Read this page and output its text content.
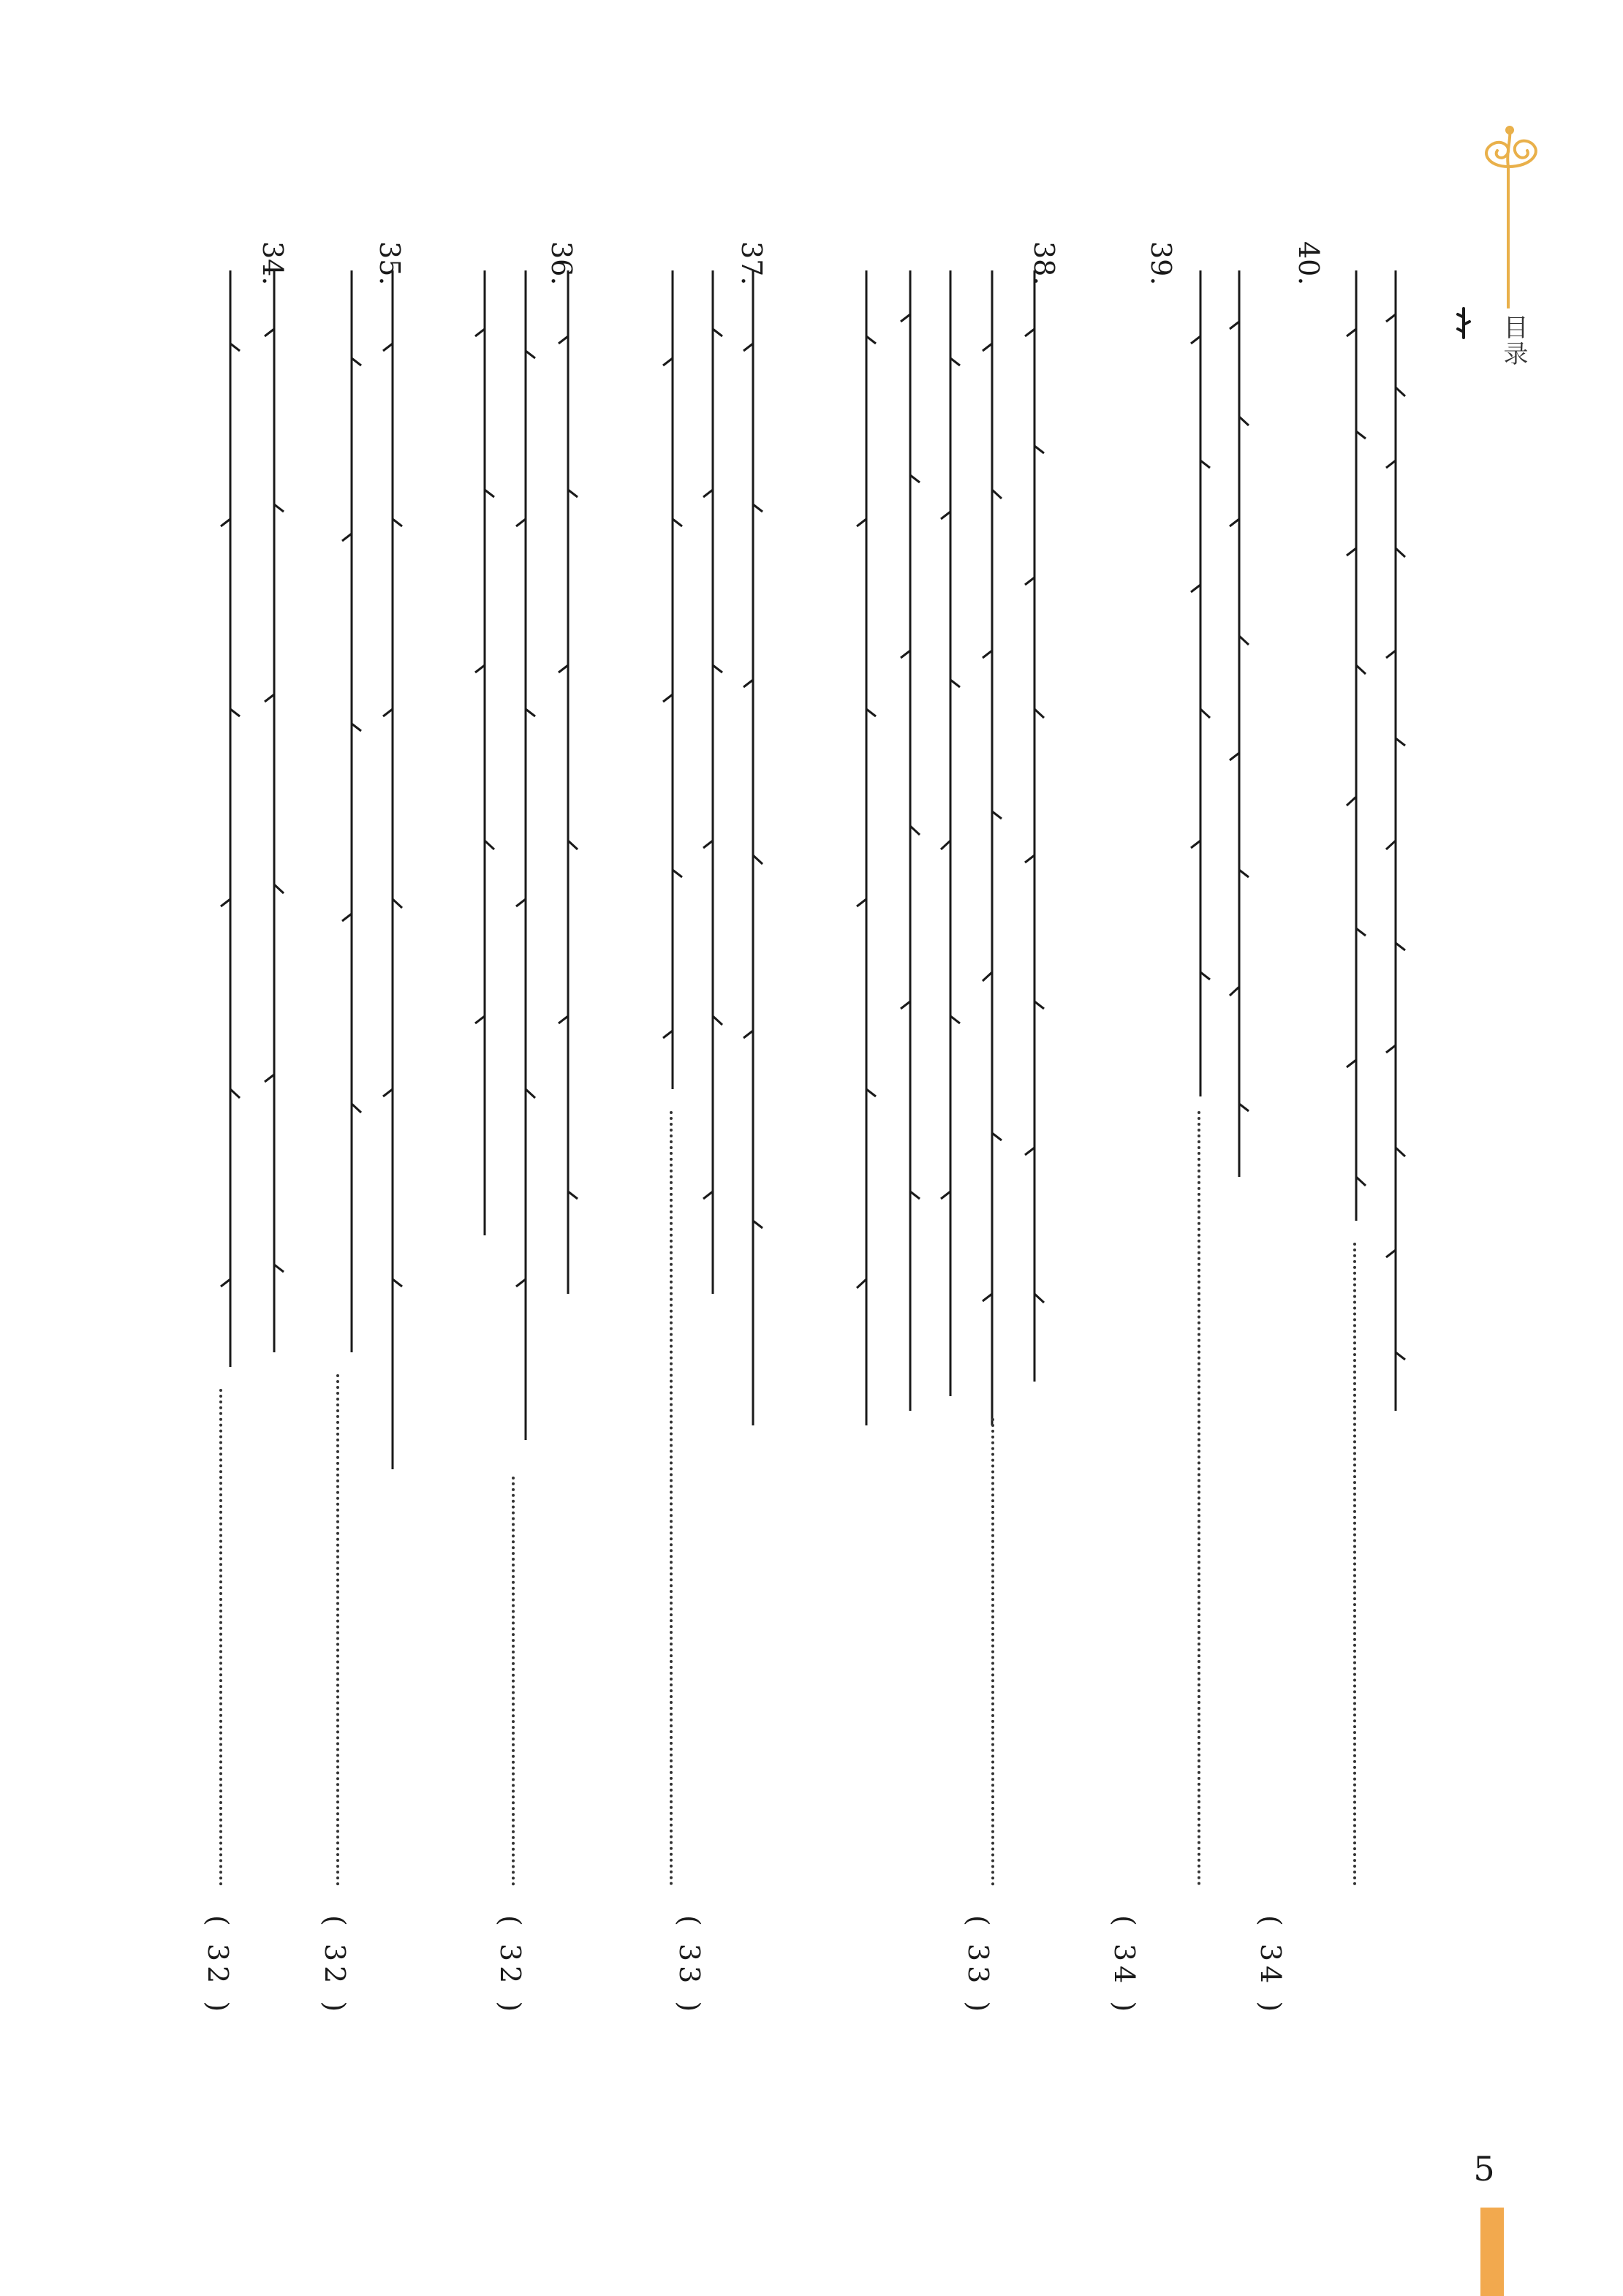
目录
40.
( 34 )
39.
( 34 )
38.
( 33 )
37.
( 33 )
36.
( 32 )
35.
( 32 )
34.
( 32 )
5
